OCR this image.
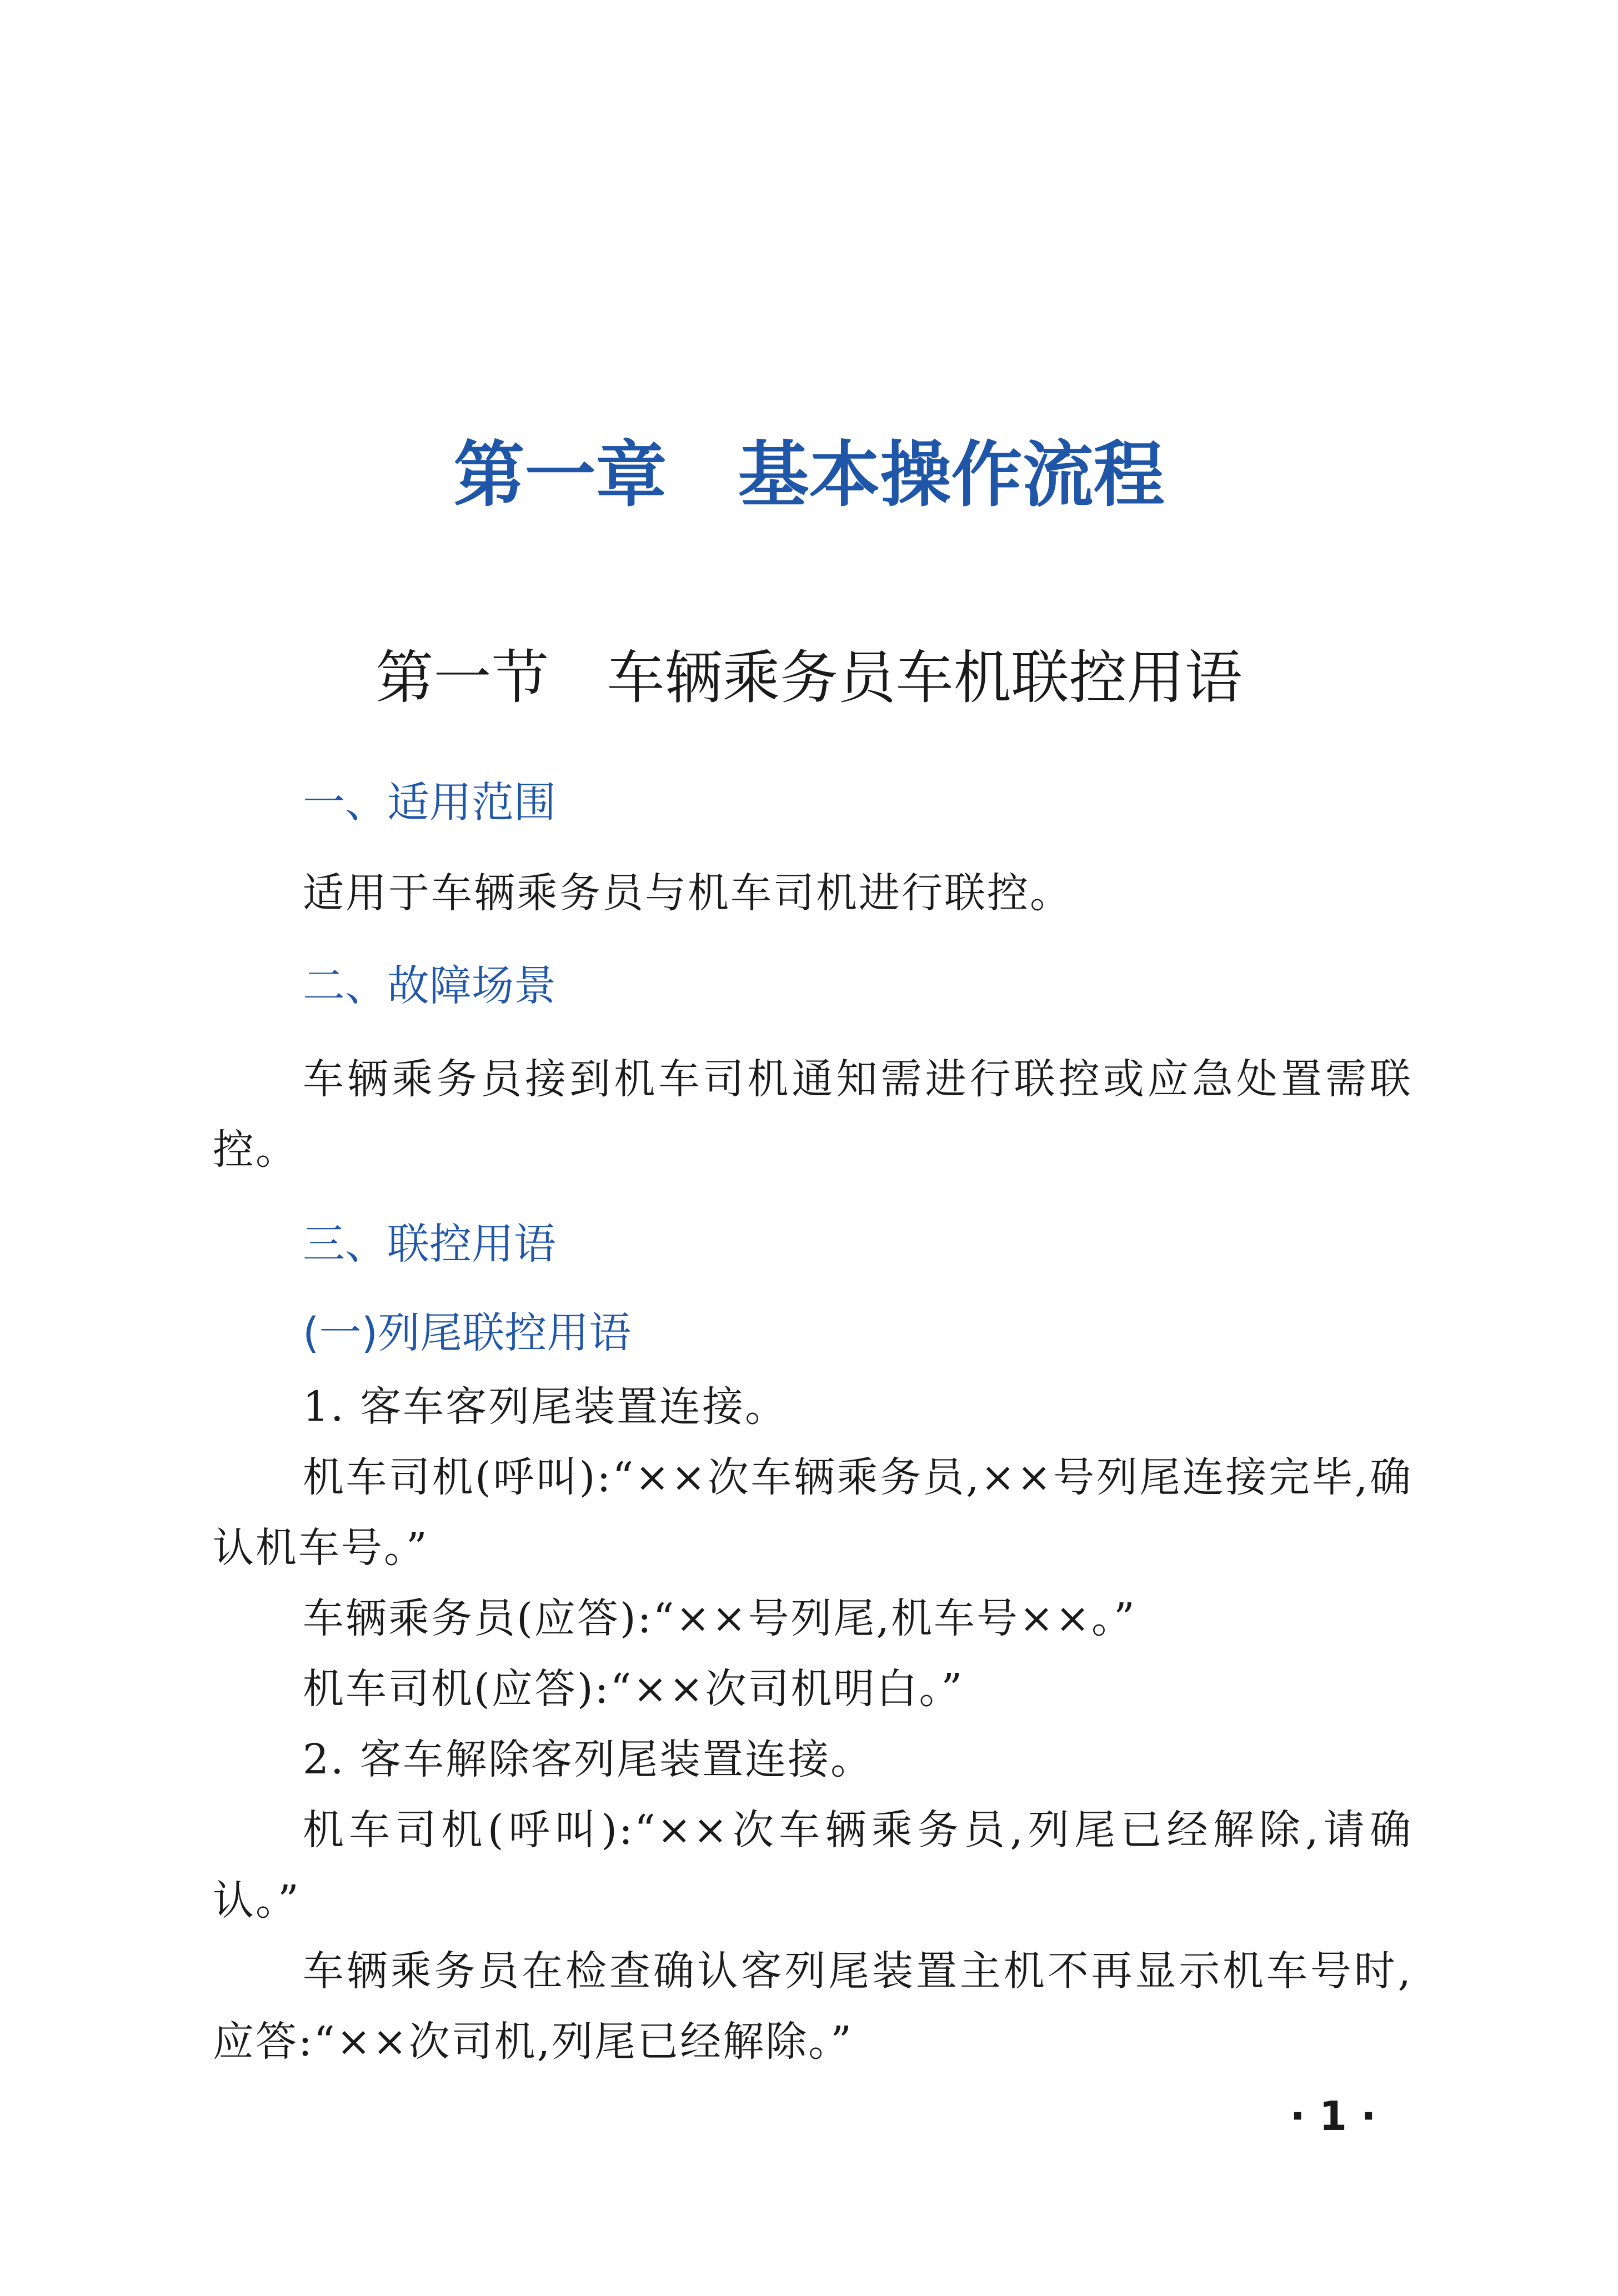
第一章　基本操作流程
第一节　车辆乘务员车机联控用语
一、适用范围

适用于车辆乘务员与机车司机进行联控。

二、故障场景

车辆乘务员接到机车司机通知需进行联控或应急处置需联控。

三、联控用语
(一)列尾联控用语

1. 客车客列尾装置连接。

机车司机(呼叫):“××次车辆乘务员,××号列尾连接完毕,确认机车号。”

车辆乘务员(应答):“××号列尾,机车号××。”

机车司机(应答):“××次司机明白。”

2. 客车解除客列尾装置连接。

机车司机(呼叫):“××次车辆乘务员,列尾已经解除,请确认。”

车辆乘务员在检查确认客列尾装置主机不再显示机车号时,应答:“××次司机,列尾已经解除。”

· 1 ·
